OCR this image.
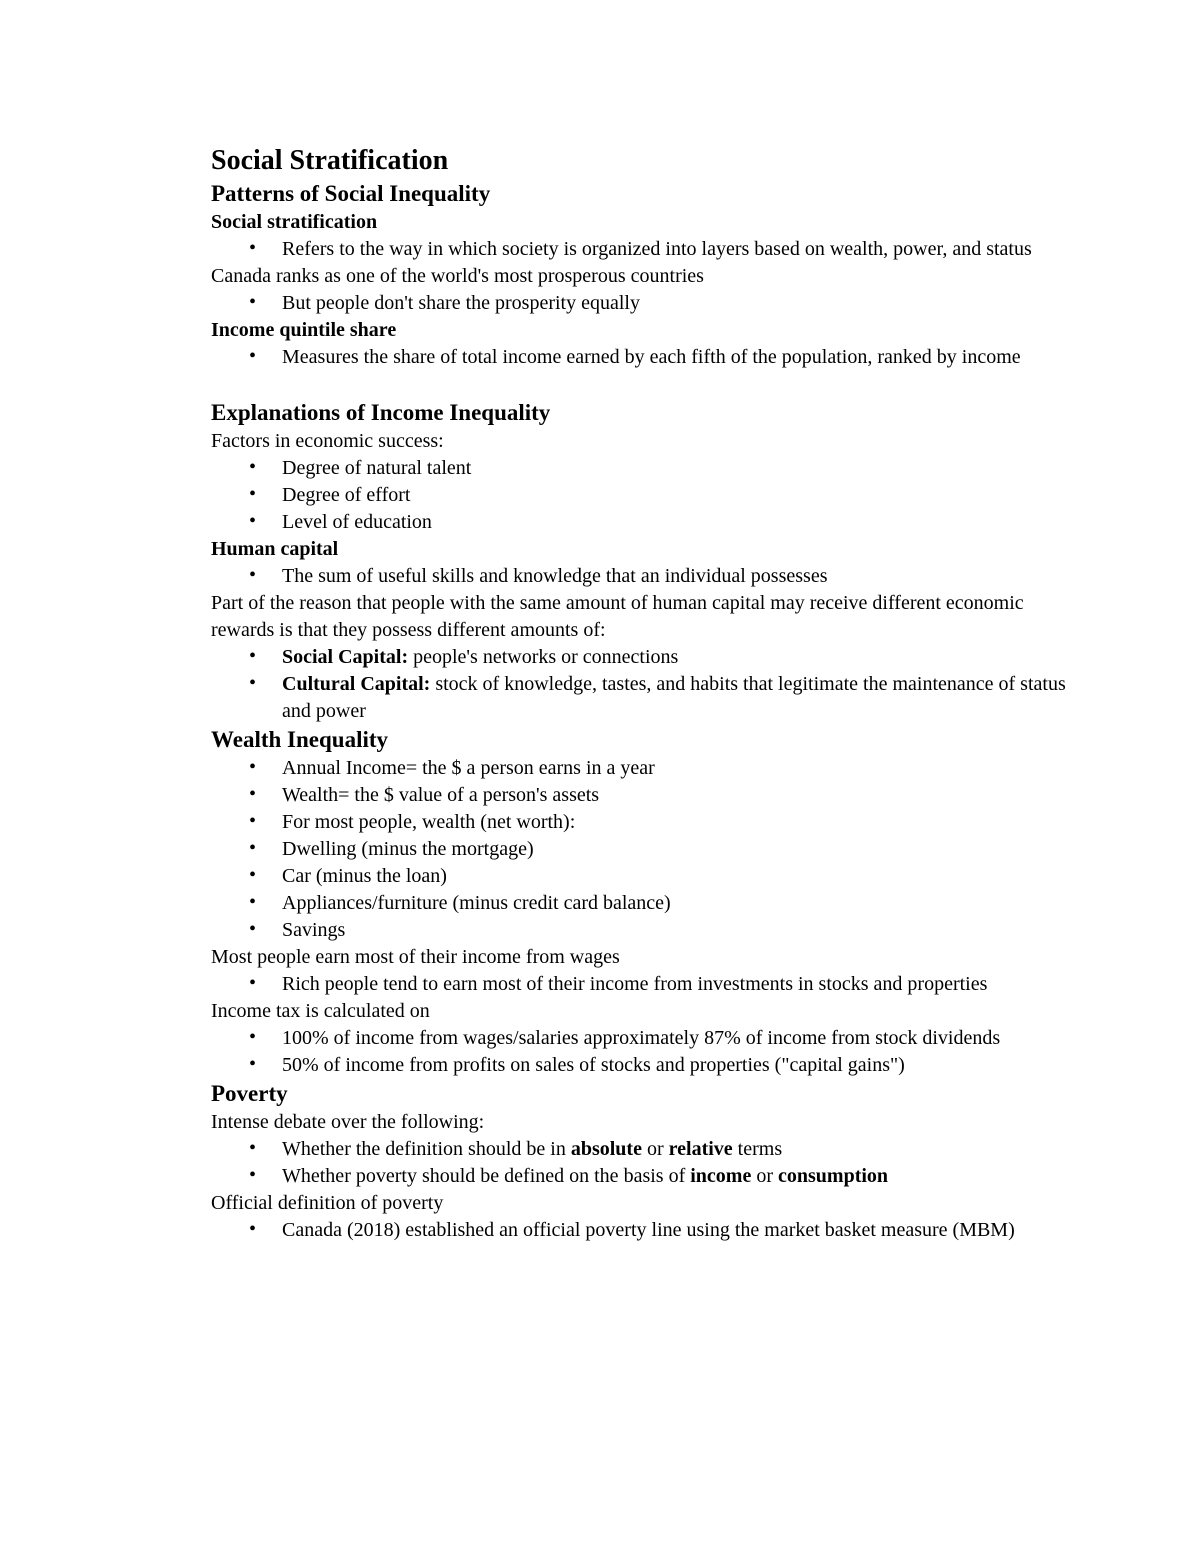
Social Stratification
Patterns of Social Inequality
Social stratification
• Refers to the way in which society is organized into layers based on wealth, power, and status
Canada ranks as one of the world's most prosperous countries
• But people don't share the prosperity equally
Income quintile share
• Measures the share of total income earned by each fifth of the population, ranked by income
Explanations of Income Inequality
Factors in economic success:
• Degree of natural talent
• Degree of effort
• Level of education
Human capital
• The sum of useful skills and knowledge that an individual possesses
Part of the reason that people with the same amount of human capital may receive different economic rewards is that they possess different amounts of:
• Social Capital: people's networks or connections
• Cultural Capital: stock of knowledge, tastes, and habits that legitimate the maintenance of status and power
Wealth Inequality
• Annual Income= the $ a person earns in a year
• Wealth= the $ value of a person's assets
• For most people, wealth (net worth):
• Dwelling (minus the mortgage)
• Car (minus the loan)
• Appliances/furniture (minus credit card balance)
• Savings
Most people earn most of their income from wages
• Rich people tend to earn most of their income from investments in stocks and properties
Income tax is calculated on
• 100% of income from wages/salaries approximately 87% of income from stock dividends
• 50% of income from profits on sales of stocks and properties ("capital gains")
Poverty
Intense debate over the following:
• Whether the definition should be in absolute or relative terms
• Whether poverty should be defined on the basis of income or consumption
Official definition of poverty
• Canada (2018) established an official poverty line using the market basket measure (MBM)
